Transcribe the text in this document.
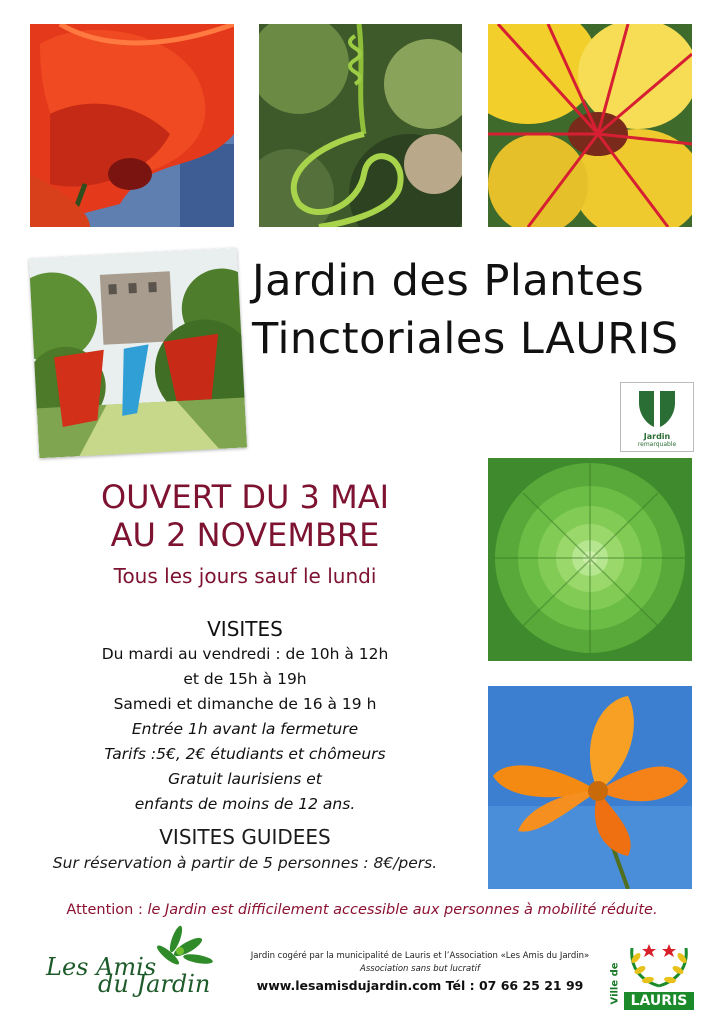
Jardin des Plantes
Tinctoriales LAURIS
Jardin
remarquable
OUVERT DU 3 MAI
AU 2 NOVEMBRE
Tous les jours sauf le lundi
VISITES
Du mardi au vendredi : de 10h à 12h
et de 15h à 19h
Samedi et dimanche de 16 à 19 h
Entrée 1h avant la fermeture
Tarifs :5€, 2€ étudiants et chômeurs
Gratuit laurisiens et
enfants de moins de 12 ans.
VISITES GUIDEES
Sur réservation à partir de 5 personnes : 8€/pers.
Attention : le Jardin est difficilement accessible aux personnes à mobilité réduite.
Les Amis
du Jardin
Jardin cogéré par la municipalité de Lauris et l’Association «Les Amis du Jardin»
Association sans but lucratif
www.lesamisdujardin.com Tél : 07 66 25 21 99	Ville de LAURIS
